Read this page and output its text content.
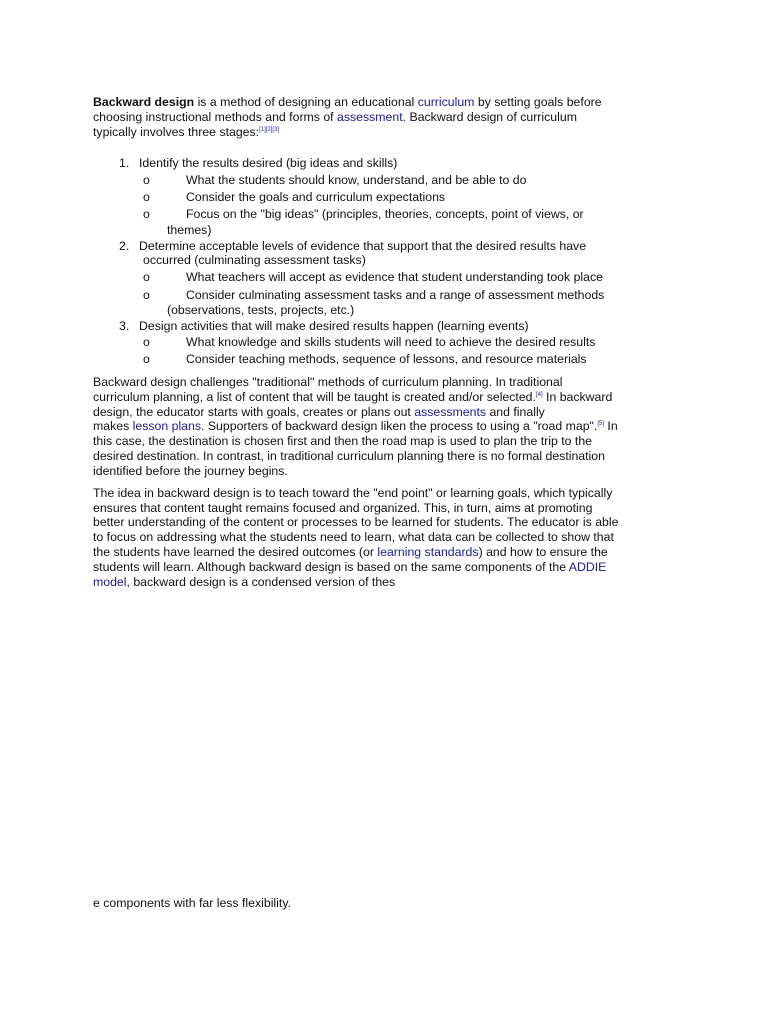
Backward design is a method of designing an educational curriculum by setting goals before
choosing instructional methods and forms of assessment. Backward design of curriculum
typically involves three stages:[1][2][3]
1. Identify the results desired (big ideas and skills)
o	What the students should know, understand, and be able to do
o	Consider the goals and curriculum expectations
o	Focus on the "big ideas" (principles, theories, concepts, point of views, or
themes)
2. Determine acceptable levels of evidence that support that the desired results have
occurred (culminating assessment tasks)
o	What teachers will accept as evidence that student understanding took place
o	Consider culminating assessment tasks and a range of assessment methods
(observations, tests, projects, etc.)
3. Design activities that will make desired results happen (learning events)
o	What knowledge and skills students will need to achieve the desired results
o	Consider teaching methods, sequence of lessons, and resource materials
Backward design challenges "traditional" methods of curriculum planning. In traditional
curriculum planning, a list of content that will be taught is created and/or selected.[4] In backward
design, the educator starts with goals, creates or plans out assessments and finally
makes lesson plans. Supporters of backward design liken the process to using a "road map".[5] In
this case, the destination is chosen first and then the road map is used to plan the trip to the
desired destination. In contrast, in traditional curriculum planning there is no formal destination
identified before the journey begins.
The idea in backward design is to teach toward the "end point" or learning goals, which typically
ensures that content taught remains focused and organized. This, in turn, aims at promoting
better understanding of the content or processes to be learned for students. The educator is able
to focus on addressing what the students need to learn, what data can be collected to show that
the students have learned the desired outcomes (or learning standards) and how to ensure the
students will learn. Although backward design is based on the same components of the ADDIE
model, backward design is a condensed version of thes
e components with far less flexibility.
